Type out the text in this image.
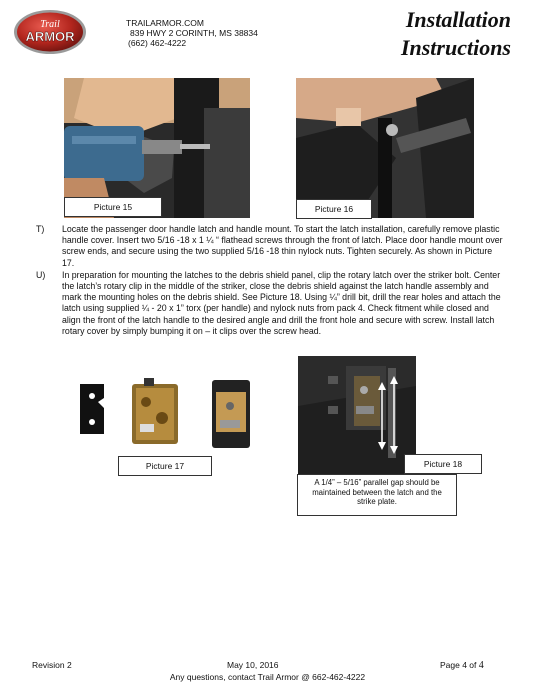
Trail
ARMOR
TRAILARMOR.COM
839 HWY 2 CORINTH, MS 38834
(662) 462-4222
Installation
Instructions
Picture 15	Picture 16
T) Locate the passenger door handle latch and handle mount. To start the latch installation, carefully remove plastic handle cover. Insert two 5/16 -18 x 1 ¼ “ flathead screws through the front of latch. Place door handle mount over screw ends, and secure using the two supplied 5/16 -18 thin nylock nuts. Tighten securely. As shown in Picture 17.
U) In preparation for mounting the latches to the debris shield panel, clip the rotary latch over the striker bolt. Center the latch’s rotary clip in the middle of the striker, close the debris shield against the latch handle assembly and mark the mounting holes on the debris shield. See Picture 18. Using ¼” drill bit, drill the rear holes and attach the latch using supplied ¼ - 20 x 1” torx (per handle) and nylock nuts from pack 4. Check fitment while closed and align the front of the latch handle to the desired angle and drill the front hole and secure with screw. Install latch rotary cover by simply bumping it on – it clips over the screw head.
Picture 17	Picture 18
A 1/4” – 5/16” parallel gap should be maintained between the latch and the strike plate.
Revision 2	May 10, 2016	Page 4 of 4
Any questions, contact Trail Armor @ 662-462-4222
